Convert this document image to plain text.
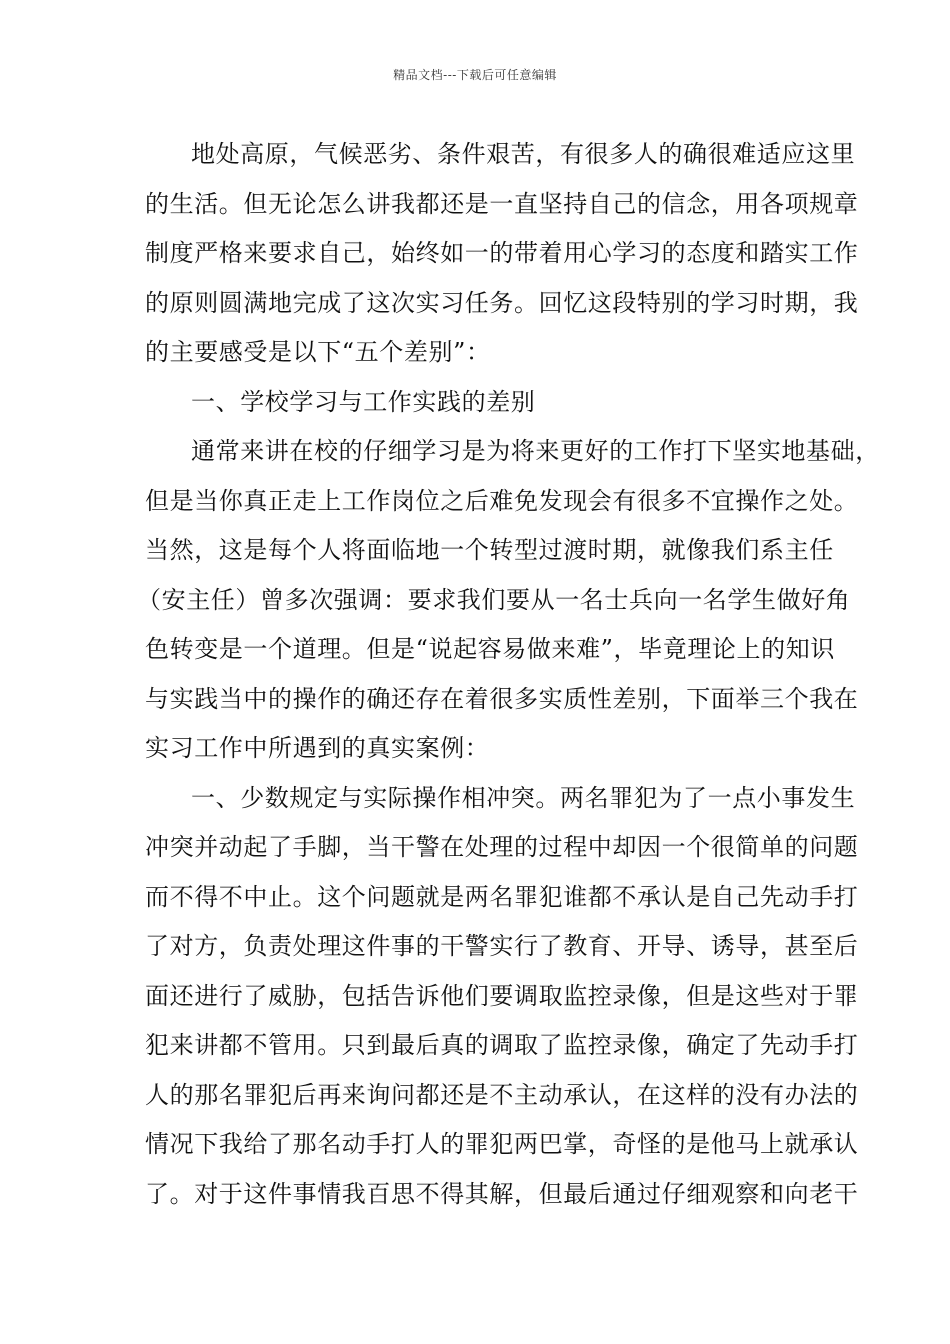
精品文档---下载后可任意编辑
地处高原，气候恶劣、条件艰苦，有很多人的确很难适应这里
的生活。但无论怎么讲我都还是一直坚持自己的信念，用各项规章
制度严格来要求自己，始终如一的带着用心学习的态度和踏实工作
的原则圆满地完成了这次实习任务。回忆这段特别的学习时期，我
的主要感受是以下“五个差别”：
一、学校学习与工作实践的差别
通常来讲在校的仔细学习是为将来更好的工作打下坚实地基础，
但是当你真正走上工作岗位之后难免发现会有很多不宜操作之处。
当然，这是每个人将面临地一个转型过渡时期，就像我们系主任
（安主任）曾多次强调：要求我们要从一名士兵向一名学生做好角
色转变是一个道理。但是“说起容易做来难”，毕竟理论上的知识
与实践当中的操作的确还存在着很多实质性差别，下面举三个我在
实习工作中所遇到的真实案例：
一、少数规定与实际操作相冲突。两名罪犯为了一点小事发生
冲突并动起了手脚，当干警在处理的过程中却因一个很简单的问题
而不得不中止。这个问题就是两名罪犯谁都不承认是自己先动手打
了对方，负责处理这件事的干警实行了教育、开导、诱导，甚至后
面还进行了威胁，包括告诉他们要调取监控录像，但是这些对于罪
犯来讲都不管用。只到最后真的调取了监控录像，确定了先动手打
人的那名罪犯后再来询问都还是不主动承认，在这样的没有办法的
情况下我给了那名动手打人的罪犯两巴掌，奇怪的是他马上就承认
了。对于这件事情我百思不得其解，但最后通过仔细观察和向老干
